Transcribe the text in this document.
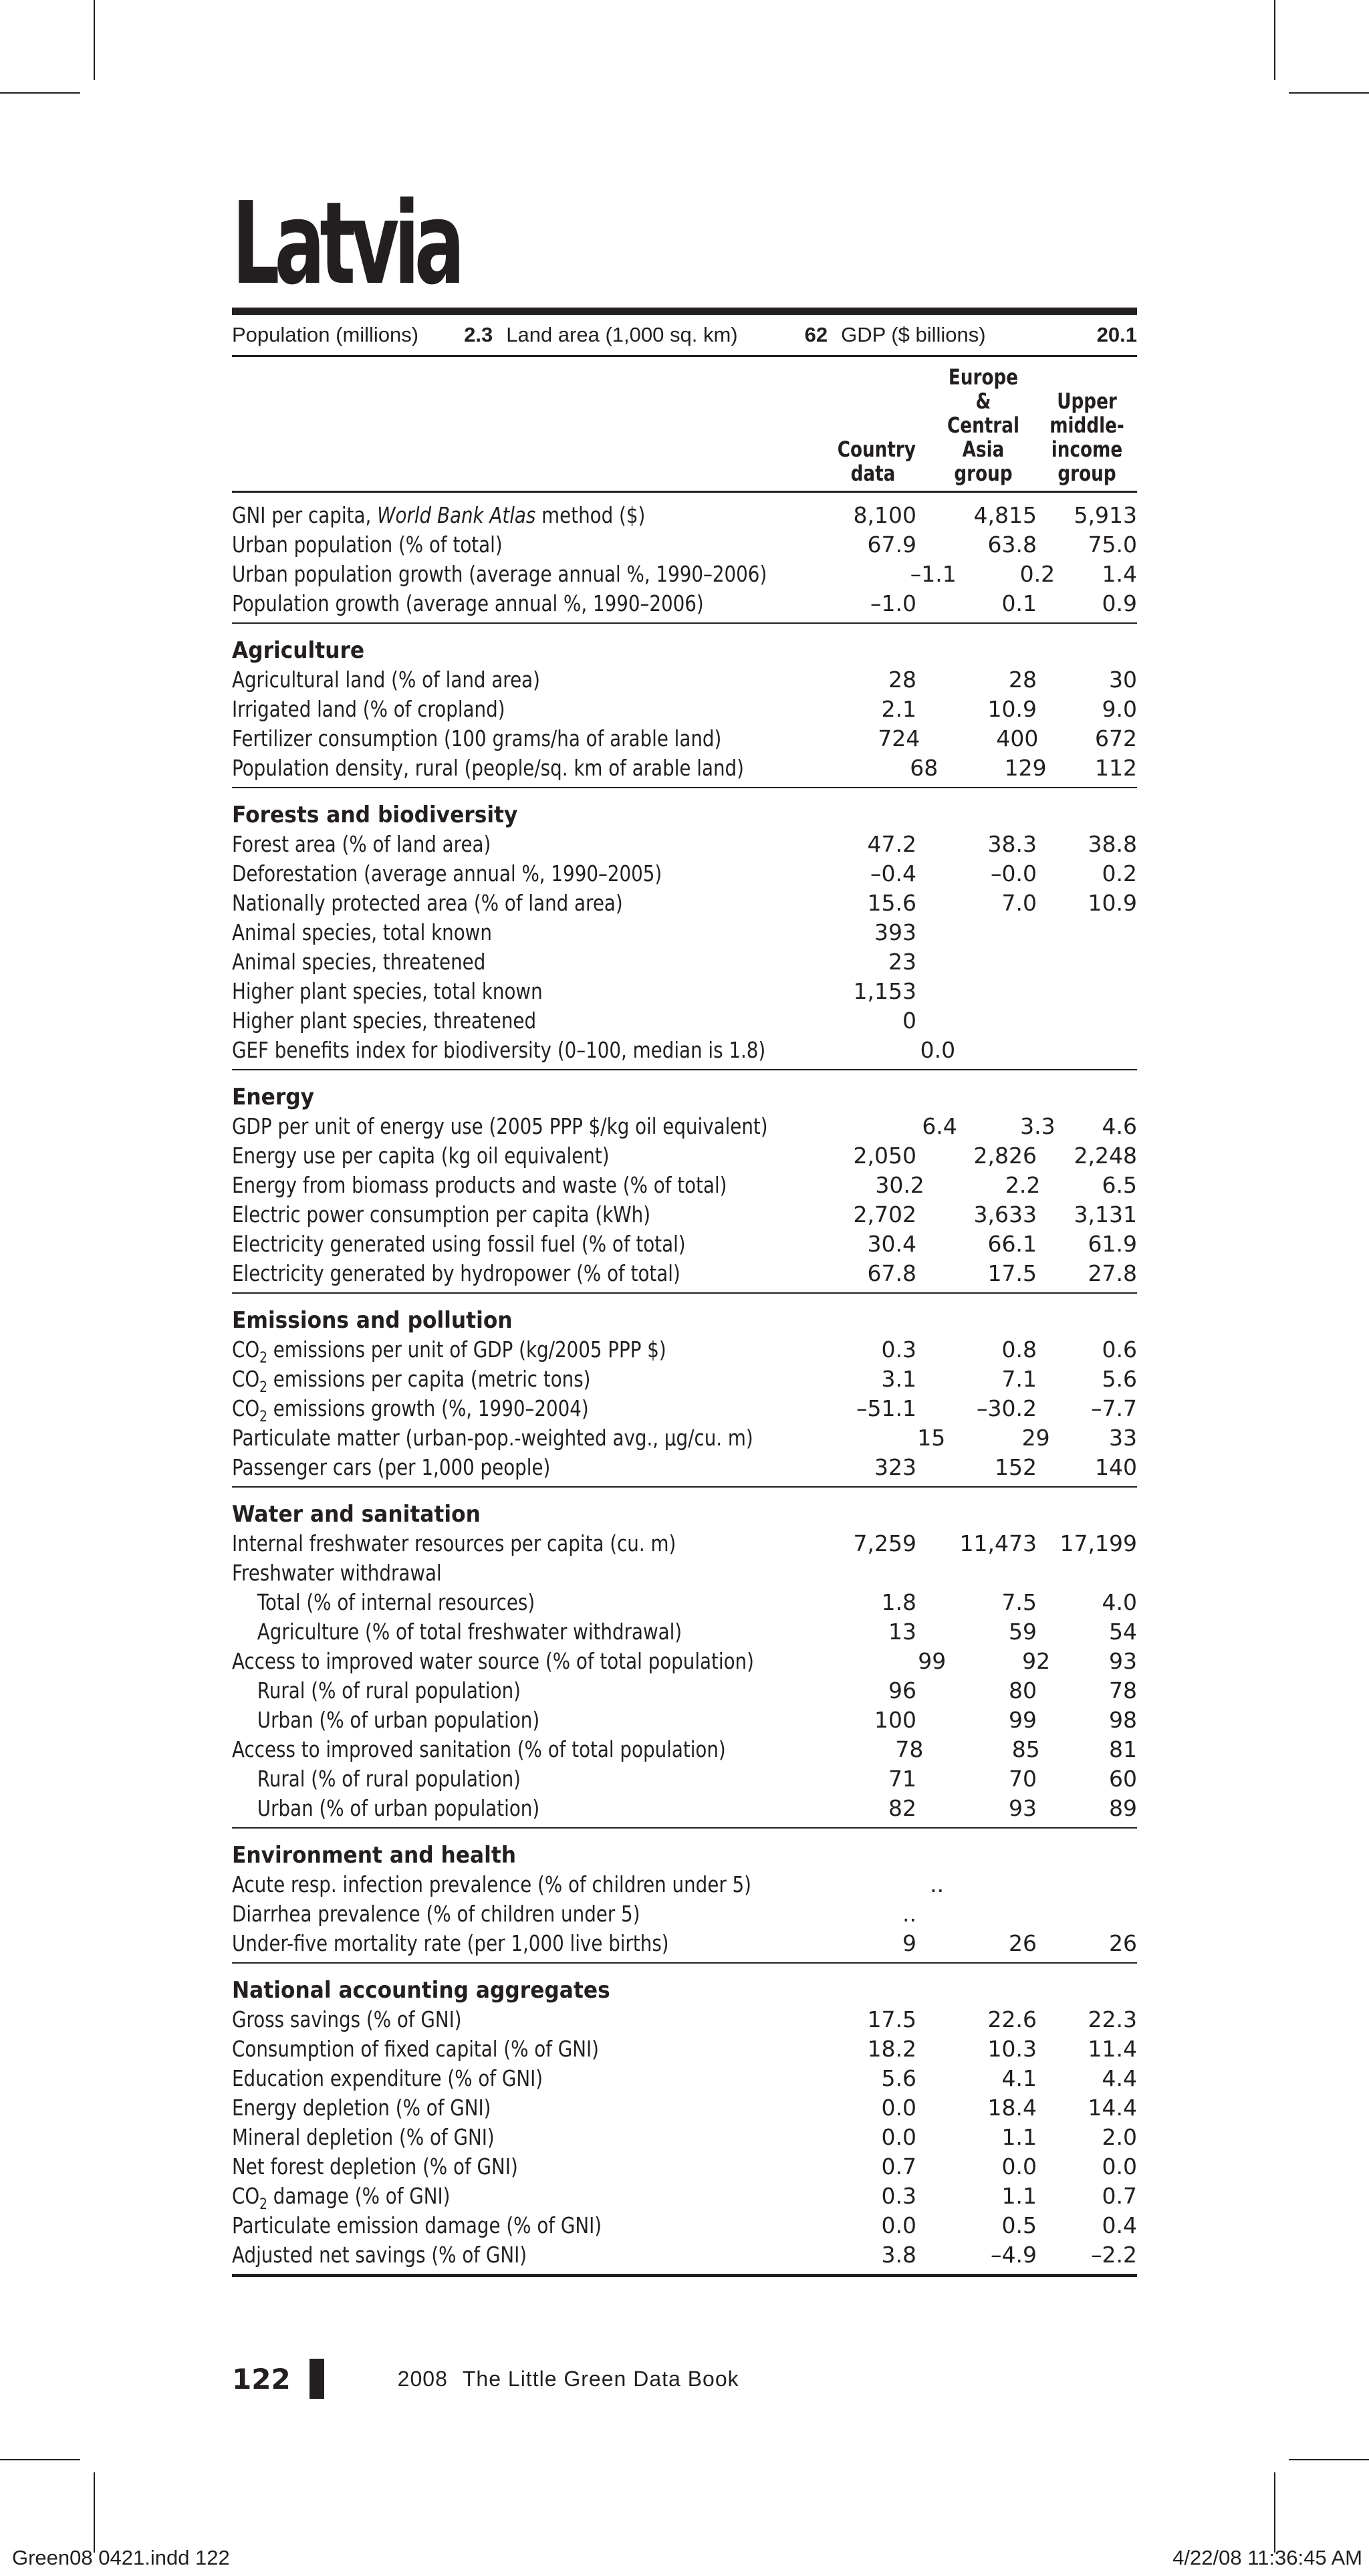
Latvia
Population (millions) 2.3 Land area (1,000 sq. km)	62 GDP ($ billions)	20.1
Country data
Europe & Central Asia group
Upper middle-income group
GNI per capita, World Bank Atlas method ($)	8,100	4,815	5,913
Urban population (% of total)	67.9	63.8	75.0
Urban population growth (average annual %, 1990–2006)	–1.1	0.2	1.4
Population growth (average annual %, 1990–2006)	–1.0	0.1	0.9
Agriculture
Agricultural land (% of land area)	28	28	30
Irrigated land (% of cropland)	2.1	10.9	9.0
Fertilizer consumption (100 grams/ha of arable land)	724	400	672
Population density, rural (people/sq. km of arable land)	68	129	112
Forests and biodiversity
Forest area (% of land area)	47.2	38.3	38.8
Deforestation (average annual %, 1990–2005)	–0.4	–0.0	0.2
Nationally protected area (% of land area)	15.6	7.0	10.9
Animal species, total known	393
Animal species, threatened	23
Higher plant species, total known	1,153
Higher plant species, threatened	0
GEF benefits index for biodiversity (0–100, median is 1.8)	0.0
Energy
GDP per unit of energy use (2005 PPP $/kg oil equivalent)	6.4	3.3	4.6
Energy use per capita (kg oil equivalent)	2,050	2,826	2,248
Energy from biomass products and waste (% of total)	30.2	2.2	6.5
Electric power consumption per capita (kWh)	2,702	3,633	3,131
Electricity generated using fossil fuel (% of total)	30.4	66.1	61.9
Electricity generated by hydropower (% of total)	67.8	17.5	27.8
Emissions and pollution
$CO_2$ emissions per unit of GDP (kg/2005 PPP $)	0.3	0.8	0.6
$CO_2$ emissions per capita (metric tons)	3.1	7.1	5.6
$CO_2$ emissions growth (%, 1990–2004)	–51.1	–30.2	–7.7
Particulate matter (urban-pop.-weighted avg., µg/cu. m)	15	29	33
Passenger cars (per 1,000 people)	323	152	140
Water and sanitation
Internal freshwater resources per capita (cu. m)	7,259	11,473	17,199
Freshwater withdrawal
Total (% of internal resources)	1.8	7.5	4.0
Agriculture (% of total freshwater withdrawal)	13	59	54
Access to improved water source (% of total population)	99	92	93
Rural (% of rural population)	96	80	78
Urban (% of urban population)	100	99	98
Access to improved sanitation (% of total population)	78	85	81
Rural (% of rural population)	71	70	60
Urban (% of urban population)	82	93	89
Environment and health
Acute resp. infection prevalence (% of children under 5)	..
Diarrhea prevalence (% of children under 5)	..
Under-five mortality rate (per 1,000 live births)	9	26	26
National accounting aggregates
Gross savings (% of GNI)	17.5	22.6	22.3
Consumption of fixed capital (% of GNI)	18.2	10.3	11.4
Education expenditure (% of GNI)	5.6	4.1	4.4
Energy depletion (% of GNI)	0.0	18.4	14.4
Mineral depletion (% of GNI)	0.0	1.1	2.0
Net forest depletion (% of GNI)	0.7	0.0	0.0
$CO_2$ damage (% of GNI)	0.3	1.1	0.7
Particulate emission damage (% of GNI)	0.0	0.5	0.4
Adjusted net savings (% of GNI)	3.8	–4.9	–2.2
122	2008 The Little Green Data Book
Green08 0421.indd 122	4/22/08 11:36:45 AM
